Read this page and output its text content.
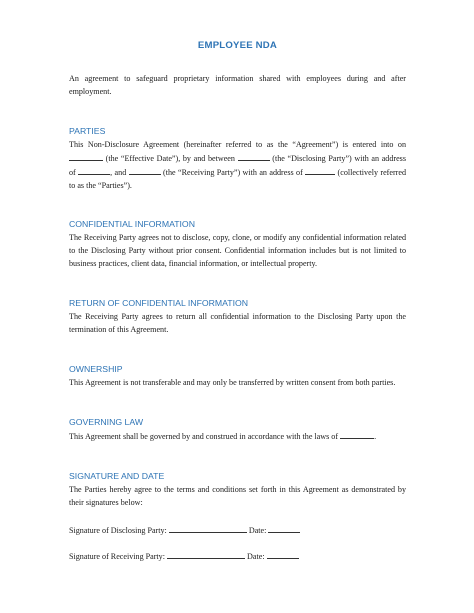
EMPLOYEE NDA

An agreement to safeguard proprietary information shared with employees during and after employment.

PARTIES

This Non-Disclosure Agreement (hereinafter referred to as the “Agreement”) is entered into on  (the “Effective Date”), by and between	(the “Disclosing Party”) with an address of	, and	(the “Receiving Party”) with an address of	(collectively referred to as the “Parties”).

CONFIDENTIAL INFORMATION

The Receiving Party agrees not to disclose, copy, clone, or modify any confidential information related to the Disclosing Party without prior consent. Confidential information includes but is not limited to business practices, client data, financial information, or intellectual property.

RETURN OF CONFIDENTIAL INFORMATION

The Receiving Party agrees to return all confidential information to the Disclosing Party upon the termination of this Agreement.

OWNERSHIP

This Agreement is not transferable and may only be transferred by written consent from both parties.

GOVERNING LAW

This Agreement shall be governed by and construed in accordance with the laws of	.

SIGNATURE AND DATE

The Parties hereby agree to the terms and conditions set forth in this Agreement as demonstrated by their signatures below:

Signature of Disclosing Party:	Date:

Signature of Receiving Party:	Date:
